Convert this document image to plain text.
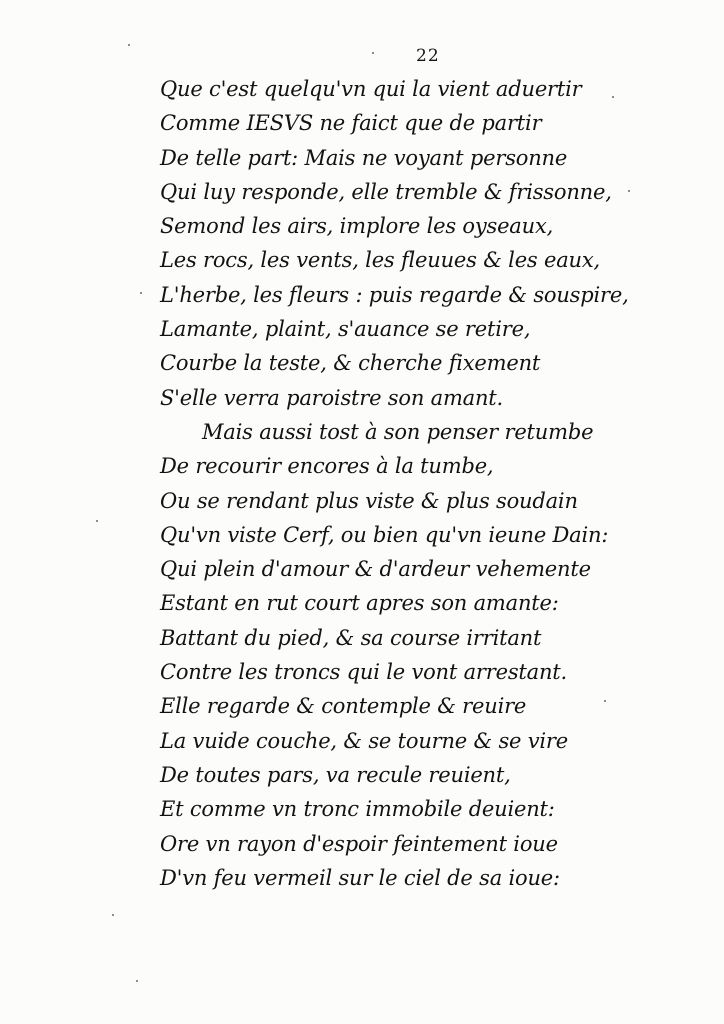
22
Que c'est quelqu'vn qui la vient aduertir
Comme IESVS ne faict que de partir
De telle part: Mais ne voyant personne
Qui luy responde, elle tremble & frissonne,
Semond les airs, implore les oyseaux,
Les rocs, les vents, les fleuues & les eaux,
L'herbe, les fleurs : puis regarde & souspire,
Lamante, plaint, s'auance se retire,
Courbe la teste, & cherche fixement
S'elle verra paroistre son amant.
Mais aussi tost à son penser retumbe
De recourir encores à la tumbe,
Ou se rendant plus viste & plus soudain
Qu'vn viste Cerf, ou bien qu'vn ieune Dain:
Qui plein d'amour & d'ardeur vehemente
Estant en rut court apres son amante:
Battant du pied, & sa course irritant
Contre les troncs qui le vont arrestant.
Elle regarde & contemple & reuire
La vuide couche, & se tourne & se vire
De toutes pars, va recule reuient,
Et comme vn tronc immobile deuient:
Ore vn rayon d'espoir feintement ioue
D'vn feu vermeil sur le ciel de sa ioue:
